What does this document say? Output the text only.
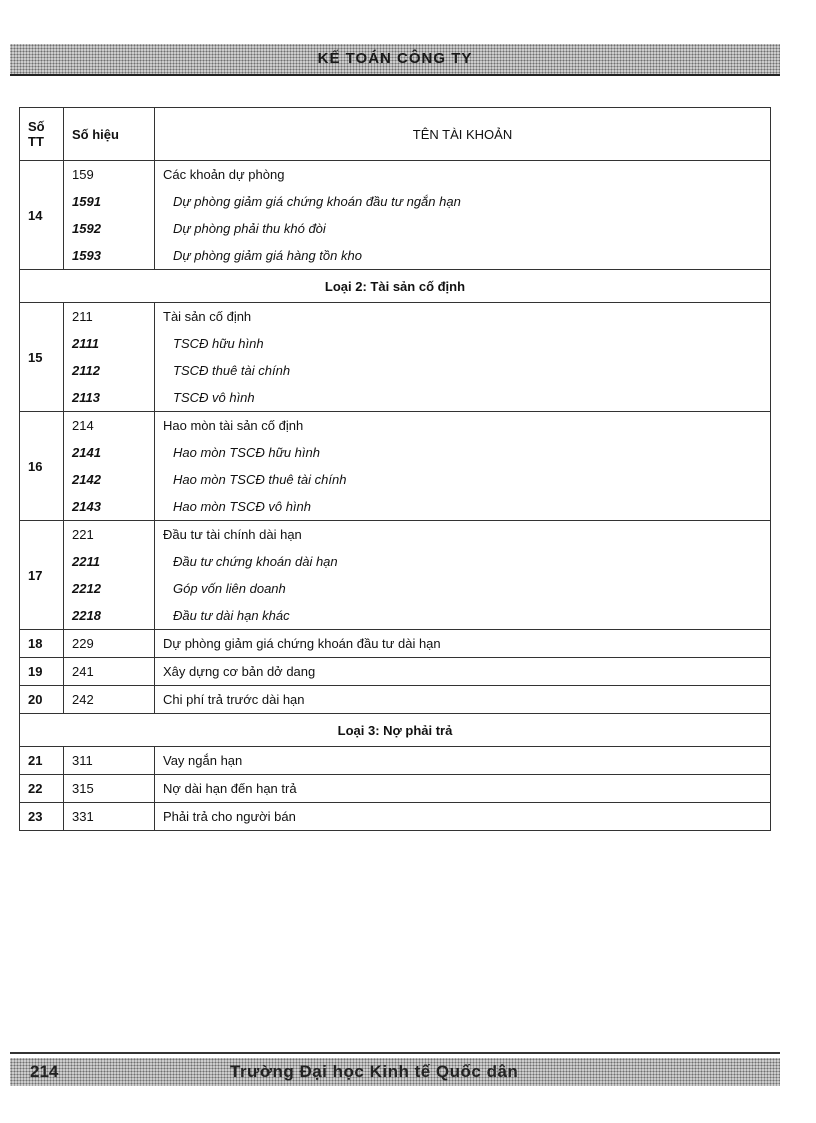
KẾ TOÁN CÔNG TY
Số
TT	Số hiệu	TÊN TÀI KHOẢN
14	159	Các khoản dự phòng
	1591	Dự phòng giảm giá chứng khoán đầu tư ngắn hạn
	1592	Dự phòng phải thu khó đòi
	1593	Dự phòng giảm giá hàng tồn kho
Loại 2: Tài sản cố định		
15	211	Tài sản cố định
	2111	TSCĐ hữu hình
	2112	TSCĐ thuê tài chính
	2113	TSCĐ vô hình
16	214	Hao mòn tài sản cố định
	2141	Hao mòn TSCĐ hữu hình
	2142	Hao mòn TSCĐ thuê tài chính
	2143	Hao mòn TSCĐ vô hình
17	221	Đầu tư tài chính dài hạn
	2211	Đầu tư chứng khoán dài hạn
	2212	Góp vốn liên doanh
	2218	Đầu tư dài hạn khác
18	229	Dự phòng giảm giá chứng khoán đầu tư dài hạn
19	241	Xây dựng cơ bản dở dang
20	242	Chi phí trả trước dài hạn
Loại 3: Nợ phải trả		
21	311	Vay ngắn hạn
22	315	Nợ dài hạn đến hạn trả
23	331	Phải trả cho người bán
214	Trường Đại học Kinh tế Quốc dân
